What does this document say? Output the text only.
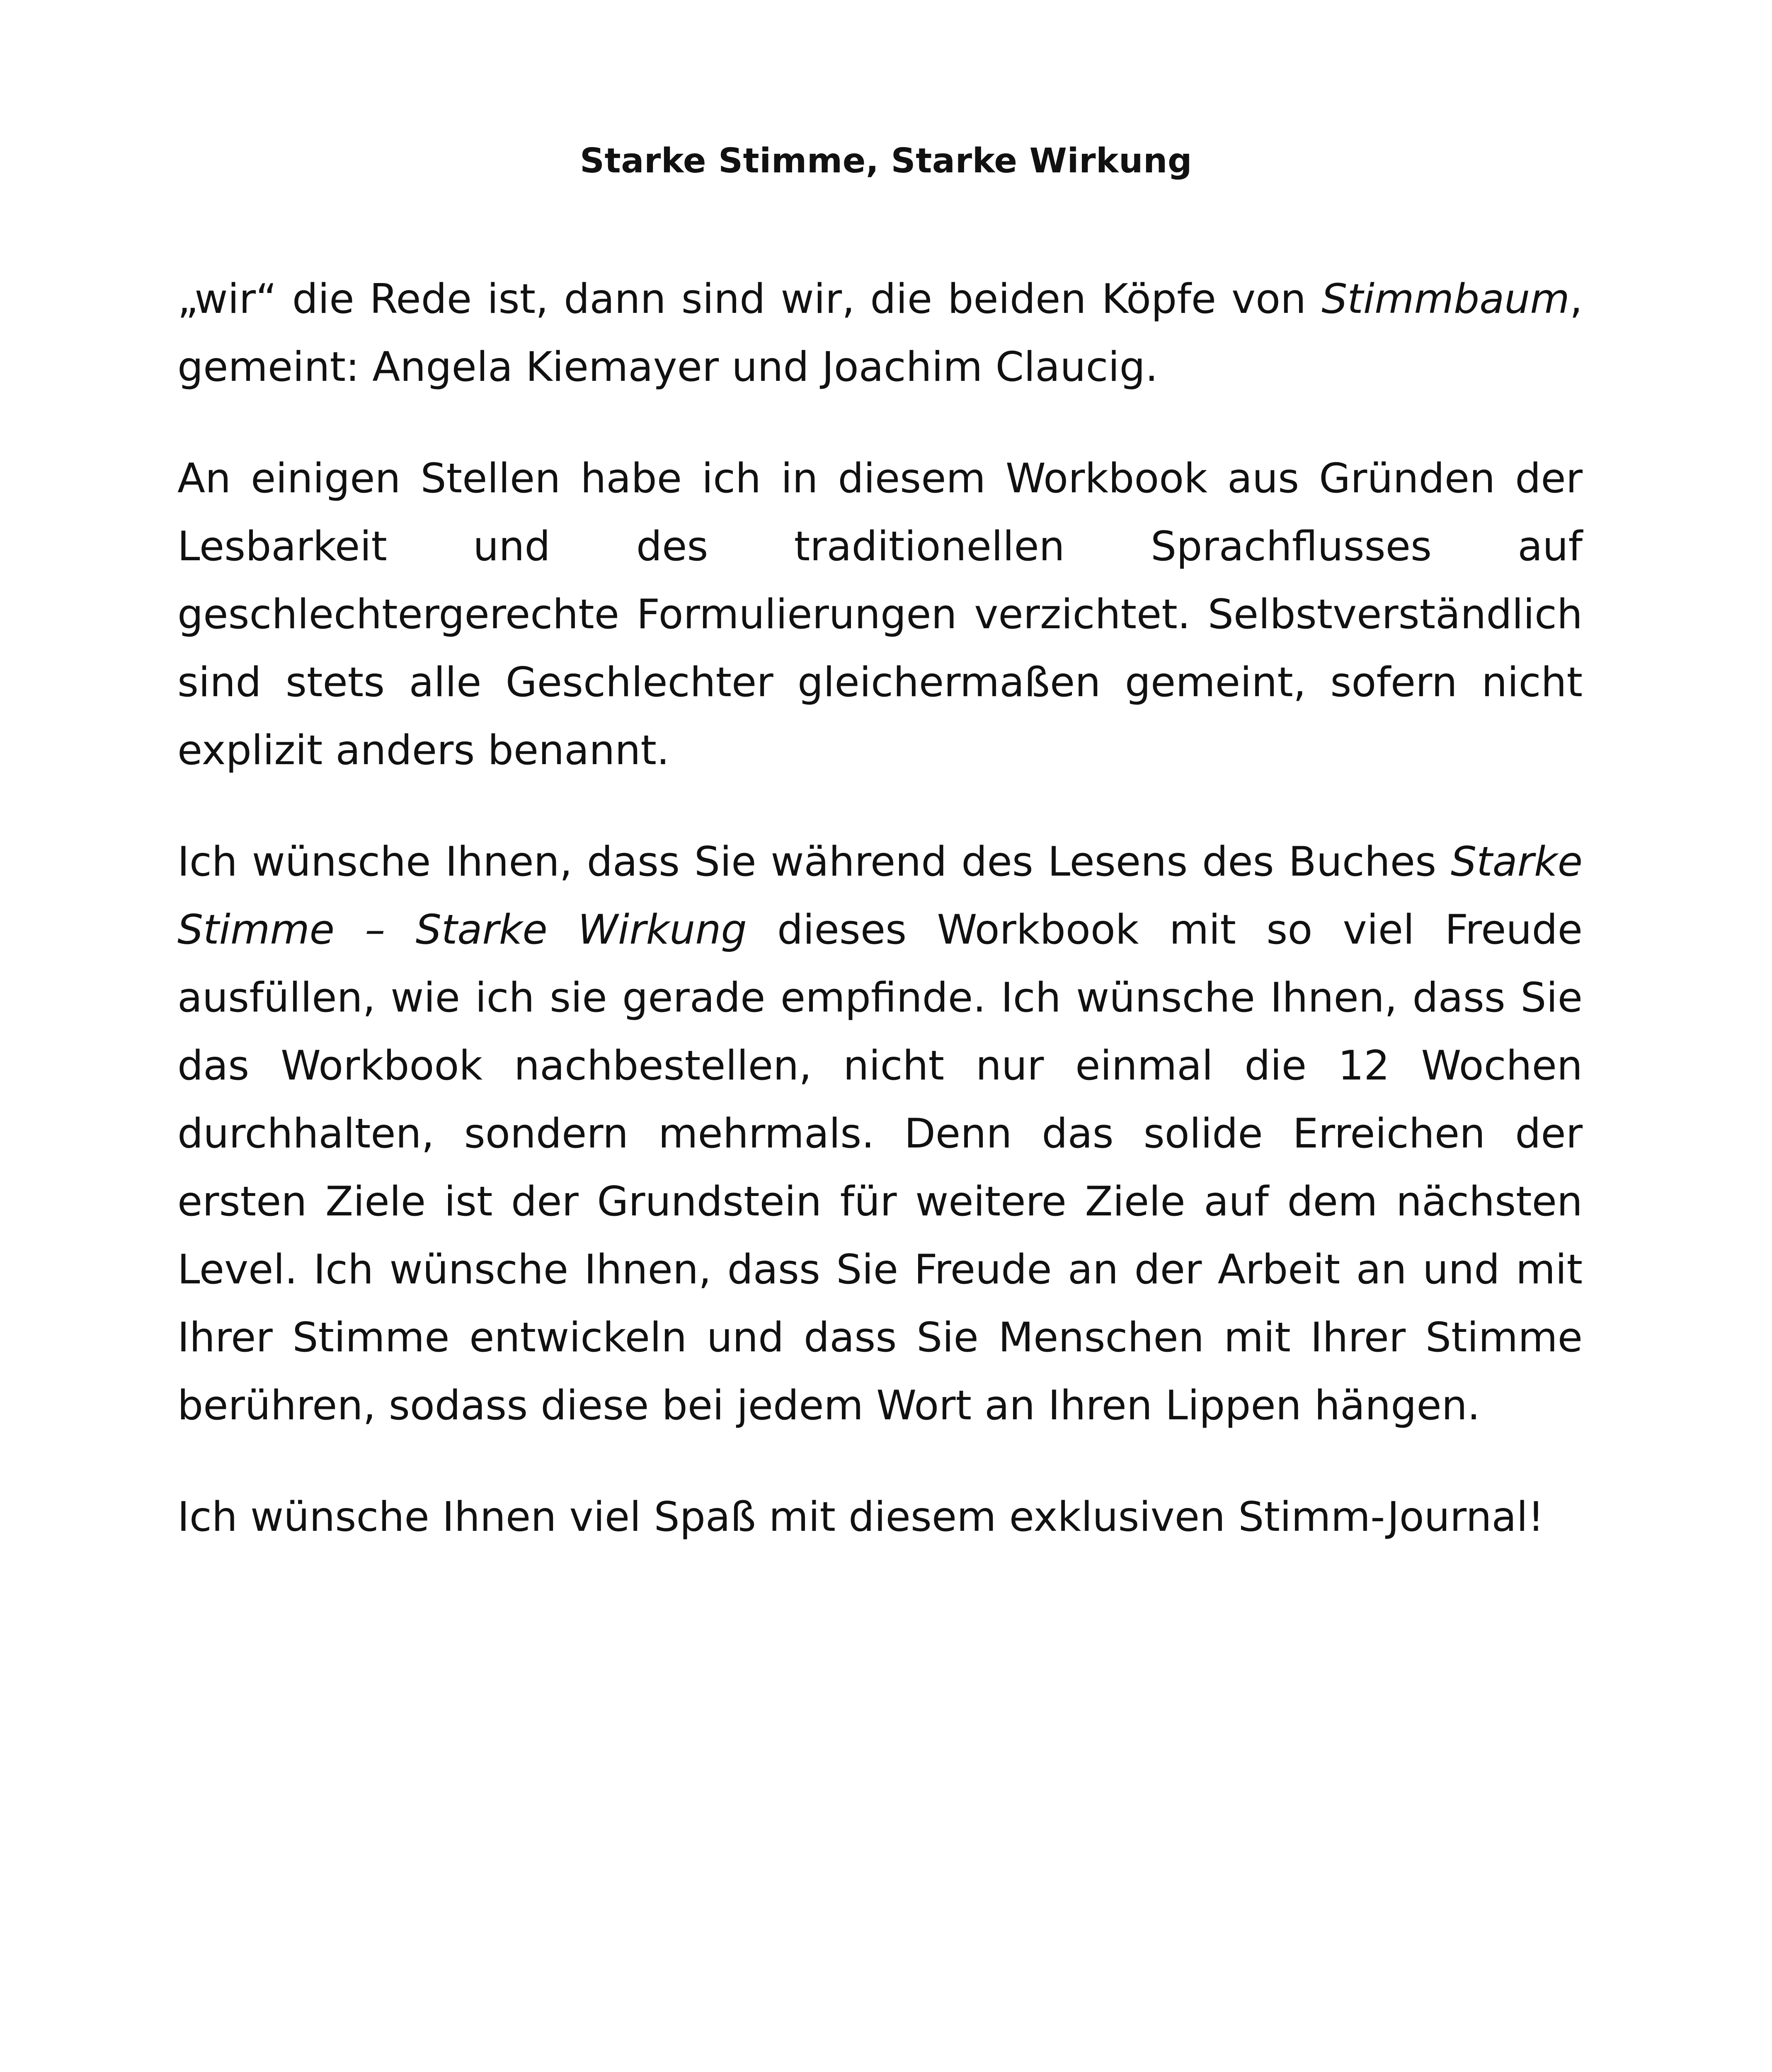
Starke Stimme, Starke Wirkung

„wir“ die Rede ist, dann sind wir, die beiden Köpfe von Stimmbaum, gemeint: Angela Kiemayer und Joachim Claucig.

An einigen Stellen habe ich in diesem Workbook aus Gründen der Lesbarkeit und des traditionellen Sprachflusses auf geschlechtergerechte Formulierungen verzichtet. Selbstverständlich sind stets alle Geschlechter gleichermaßen gemeint, sofern nicht explizit anders benannt.

Ich wünsche Ihnen, dass Sie während des Lesens des Buches Starke Stimme – Starke Wirkung dieses Workbook mit so viel Freude ausfüllen, wie ich sie gerade empfinde. Ich wünsche Ihnen, dass Sie das Workbook nachbestellen, nicht nur einmal die 12 Wochen durchhalten, sondern mehrmals. Denn das solide Erreichen der ersten Ziele ist der Grundstein für weitere Ziele auf dem nächsten Level. Ich wünsche Ihnen, dass Sie Freude an der Arbeit an und mit Ihrer Stimme entwickeln und dass Sie Menschen mit Ihrer Stimme berühren, sodass diese bei jedem Wort an Ihren Lippen hängen.

Ich wünsche Ihnen viel Spaß mit diesem exklusiven Stimm-Journal!
